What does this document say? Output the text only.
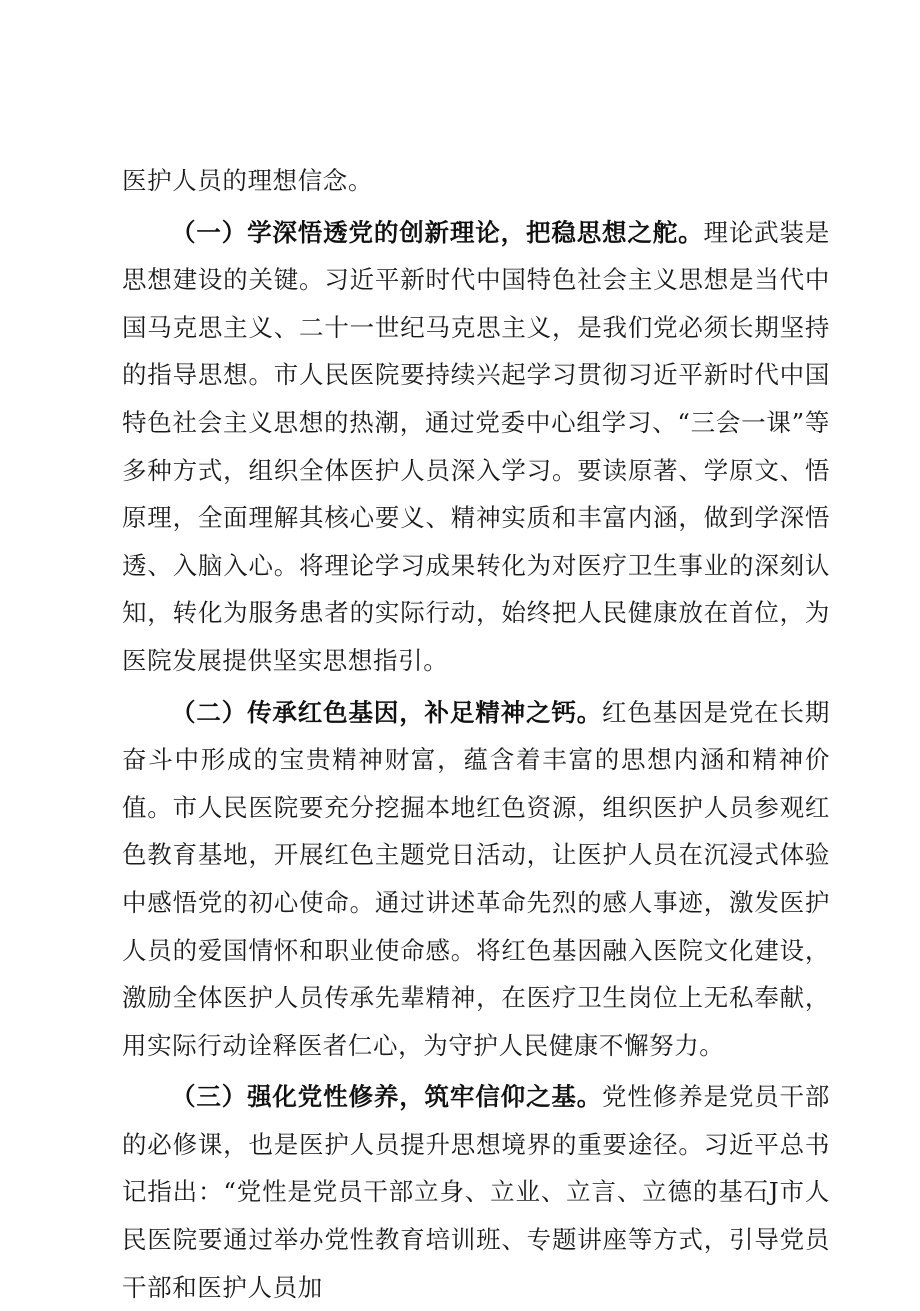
医护人员的理想信念。

（一）学深悟透党的创新理论，把稳思想之舵。理论武装是思想建设的关键。习近平新时代中国特色社会主义思想是当代中国马克思主义、二十一世纪马克思主义，是我们党必须长期坚持的指导思想。市人民医院要持续兴起学习贯彻习近平新时代中国特色社会主义思想的热潮，通过党委中心组学习、“三会一课”等多种方式，组织全体医护人员深入学习。要读原著、学原文、悟原理，全面理解其核心要义、精神实质和丰富内涵，做到学深悟透、入脑入心。将理论学习成果转化为对医疗卫生事业的深刻认知，转化为服务患者的实际行动，始终把人民健康放在首位，为医院发展提供坚实思想指引。

（二）传承红色基因，补足精神之钙。红色基因是党在长期奋斗中形成的宝贵精神财富，蕴含着丰富的思想内涵和精神价值。市人民医院要充分挖掘本地红色资源，组织医护人员参观红色教育基地，开展红色主题党日活动，让医护人员在沉浸式体验中感悟党的初心使命。通过讲述革命先烈的感人事迹，激发医护人员的爱国情怀和职业使命感。将红色基因融入医院文化建设，激励全体医护人员传承先辈精神，在医疗卫生岗位上无私奉献，用实际行动诠释医者仁心，为守护人民健康不懈努力。

（三）强化党性修养，筑牢信仰之基。党性修养是党员干部的必修课，也是医护人员提升思想境界的重要途径。习近平总书记指出：“党性是党员干部立身、立业、立言、立德的基石J市人民医院要通过举办党性教育培训班、专题讲座等方式，引导党员干部和医护人员加
